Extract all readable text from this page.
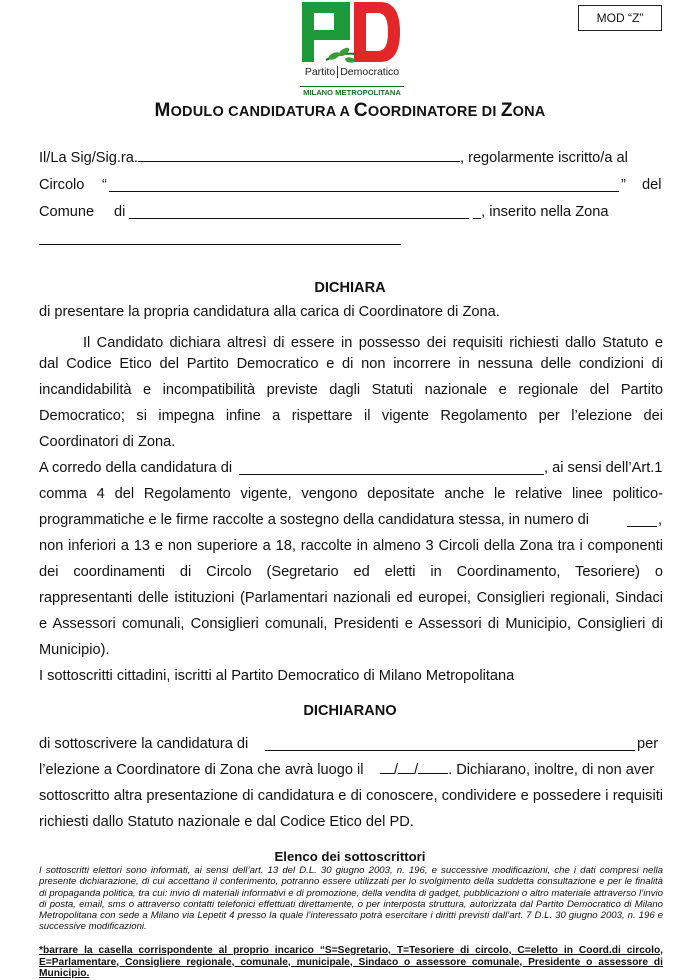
MOD “Z”
Partito Democratico
MILANO METROPOLITANA
MODULO CANDIDATURA A COORDINATORE DI ZONA
Il/La Sig/Sig.ra.	, regolarmente iscritto/a al
Circolo “	” del
Comune di	_, inserito nella Zona
DICHIARA
di presentare la propria candidatura alla carica di Coordinatore di Zona.
Il Candidato dichiara altresì di essere in possesso dei requisiti richiesti dallo Statuto e
dal Codice Etico del Partito Democratico e di non incorrere in nessuna delle condizioni di
incandidabilità e incompatibilità previste dagli Statuti nazionale e regionale del Partito
Democratico; si impegna infine a rispettare il vigente Regolamento per l’elezione dei
Coordinatori di Zona.
A corredo della candidatura di	, ai sensi dell’Art.1
comma 4 del Regolamento vigente, vengono depositate anche le relative linee politico-
programmatiche e le firme raccolte a sostegno della candidatura stessa, in numero di	,
non inferiori a 13 e non superiore a 18, raccolte in almeno 3 Circoli della Zona tra i componenti
dei coordinamenti di Circolo (Segretario ed eletti in Coordinamento, Tesoriere) o
rappresentanti delle istituzioni (Parlamentari nazionali ed europei, Consiglieri regionali, Sindaci
e Assessori comunali, Consiglieri comunali, Presidenti e Assessori di Municipio, Consiglieri di
Municipio).
I sottoscritti cittadini, iscritti al Partito Democratico di Milano Metropolitana
DICHIARANO
di sottoscrivere la candidatura di	per
l’elezione a Coordinatore di Zona che avrà luogo il	/ / . Dichiarano, inoltre, di non aver
sottoscritto altra presentazione di candidatura e di conoscere, condividere e possedere i requisiti
richiesti dallo Statuto nazionale e dal Codice Etico del PD.
Elenco dei sottoscrittori
I sottoscritti elettori sono informati, ai sensi dell’art. 13 del D.L. 30 giugno 2003, n. 196, e successive modificazioni, che i dati compresi nella presente dichiarazione, di cui accettano il conferimento, potranno essere utilizzati per lo svolgimento della suddetta consultazione e per le finalità di propaganda politica, tra cui: invio di materiali informativi e di promozione, della vendita di gadget, pubblicazioni o altro materiale attraverso l’invio di posta, email, sms o attraverso contatti telefonici effettuati direttamente, o per interposta struttura, autorizzata dal Partito Democratico di Milano Metropolitana con sede a Milano via Lepetit 4 presso la quale l’interessato potrà esercitare i diritti previsti dall’art. 7 D.L. 30 giugno 2003, n. 196 e successive modificazioni.
*barrare la casella corrispondente al proprio incarico “S=Segretario, T=Tesoriere di circolo, C=eletto in Coord.di circolo, E=Parlamentare, Consigliere regionale, comunale, municipale, Sindaco o assessore comunale, Presidente o assessore di Municipio.
